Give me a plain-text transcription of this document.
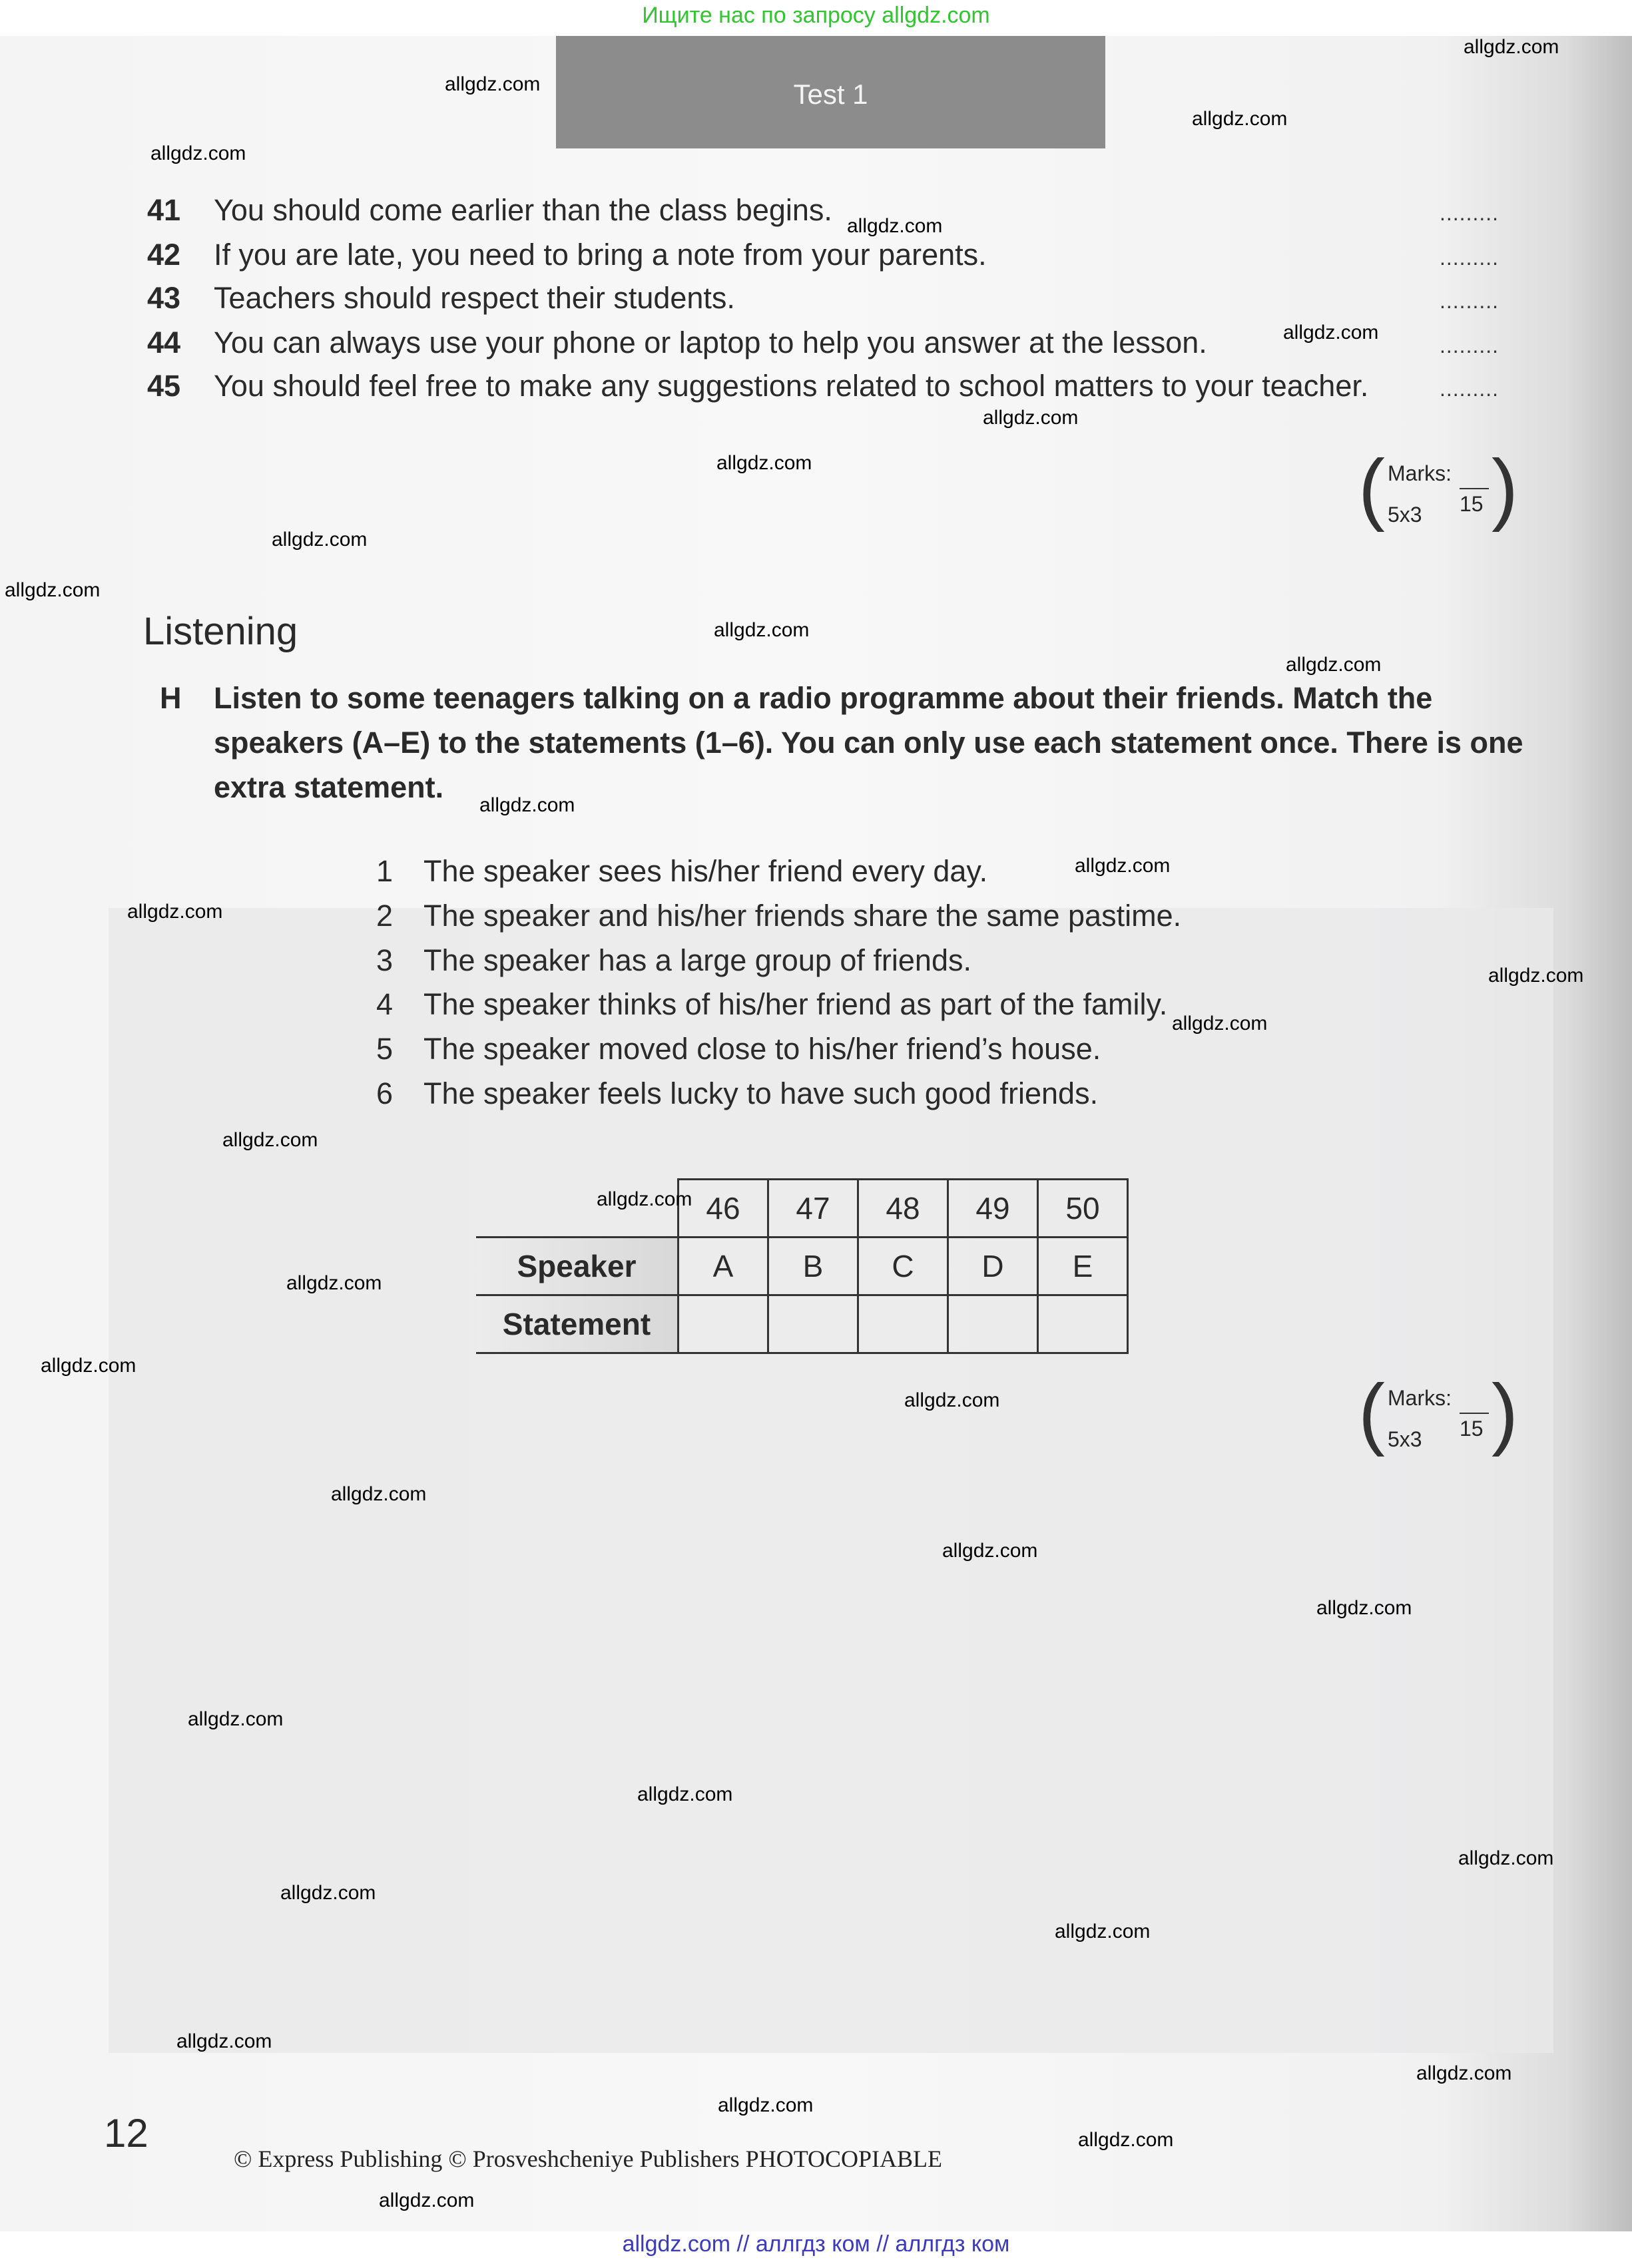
Ищите нас по запросу allgdz.com
Test 1
41 You should come earlier than the class begins.	.........
42 If you are late, you need to bring a note from your parents.	.........
43 Teachers should respect their students.	.........
44 You can always use your phone or laptop to help you answer at the lesson.	.........
45 You should feel free to make any suggestions related to school matters to your teacher.	.........
( Marks:
5x3 15 )
Listening
H Listen to some teenagers talking on a radio programme about their friends. Match the
speakers (A–E) to the statements (1–6). You can only use each statement once. There is one
extra statement.
1 The speaker sees his/her friend every day.
2 The speaker and his/her friends share the same pastime.
3 The speaker has a large group of friends.
4 The speaker thinks of his/her friend as part of the family.
5 The speaker moved close to his/her friend’s house.
6 The speaker feels lucky to have such good friends.
	46	47	48	49	50
Speaker	A	B	C	D	E
Statement					
( Marks:
5x3 15 )
12
© Express Publishing © Prosveshcheniye Publishers PHOTOCOPIABLE
allgdz.com // аллгдз ком // аллгдз ком
allgdz.com
allgdz.com
allgdz.com
allgdz.com
allgdz.com
allgdz.com
allgdz.com
allgdz.com
allgdz.com
allgdz.com
allgdz.com
allgdz.com
allgdz.com
allgdz.com
allgdz.com
allgdz.com
allgdz.com
allgdz.com
allgdz.com
allgdz.com
allgdz.com
allgdz.com
allgdz.com
allgdz.com
allgdz.com
allgdz.com
allgdz.com
allgdz.com
allgdz.com
allgdz.com
allgdz.com
allgdz.com
allgdz.com
allgdz.com
allgdz.com
